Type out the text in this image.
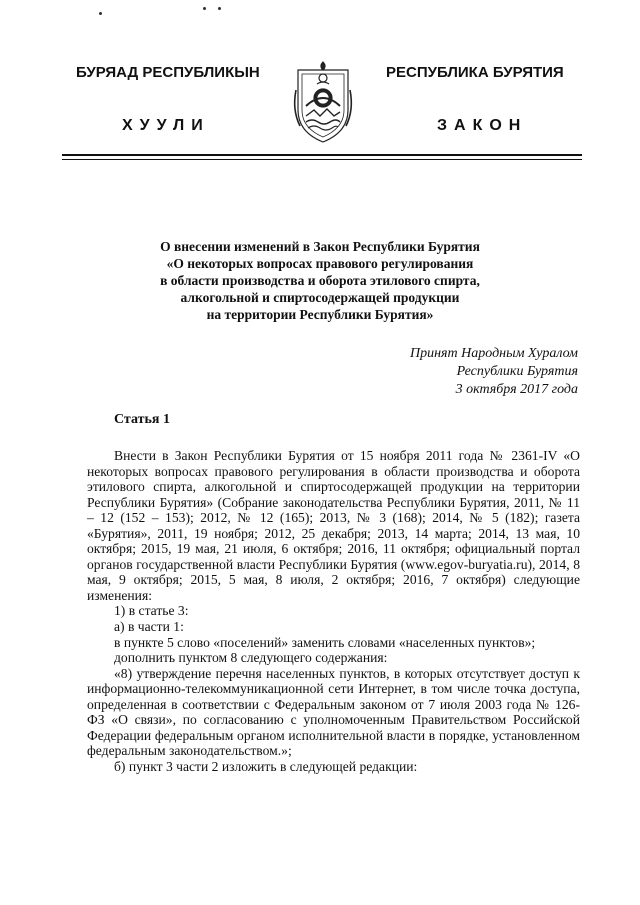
БУРЯАД РЕСПУБЛИКЫН
ХУУЛИ
РЕСПУБЛИКА БУРЯТИЯ
ЗАКОН
О внесении изменений в Закон Республики Бурятия
«О некоторых вопросах правового регулирования
в области производства и оборота этилового спирта,
алкогольной и спиртосодержащей продукции
на территории Республики Бурятия»
Принят Народным Хуралом
Республики Бурятия
3 октября 2017 года
Статья 1

Внести в Закон Республики Бурятия от 15 ноября 2011 года № 2361-IV «О некоторых вопросах правового регулирования в области производства и оборота этилового спирта, алкогольной и спиртосодержащей продукции на территории Республики Бурятия» (Собрание законодательства Республики Бурятия, 2011, № 11 – 12 (152 – 153); 2012, № 12 (165); 2013, № 3 (168); 2014, № 5 (182); газета «Бурятия», 2011, 19 ноября; 2012, 25 декабря; 2013, 14 марта; 2014, 13 мая, 10 октября; 2015, 19 мая, 21 июля, 6 октября; 2016, 11 октября; официальный портал органов государственной власти Республики Бурятия (www.egov-buryatia.ru), 2014, 8 мая, 9 октября; 2015, 5 мая, 8 июля, 2 октября; 2016, 7 октября) следующие изменения:

1) в статье 3:

а) в части 1:

в пункте 5 слово «поселений» заменить словами «населенных пунктов»;

дополнить пунктом 8 следующего содержания:

«8) утверждение перечня населенных пунктов, в которых отсутствует доступ к информационно-телекоммуникационной сети Интернет, в том числе точка доступа, определенная в соответствии с Федеральным законом от 7 июля 2003 года № 126-ФЗ «О связи», по согласованию с уполномоченным Правительством Российской Федерации федеральным органом исполнительной власти в порядке, установленном федеральным законодательством.»;

б) пункт 3 части 2 изложить в следующей редакции:
